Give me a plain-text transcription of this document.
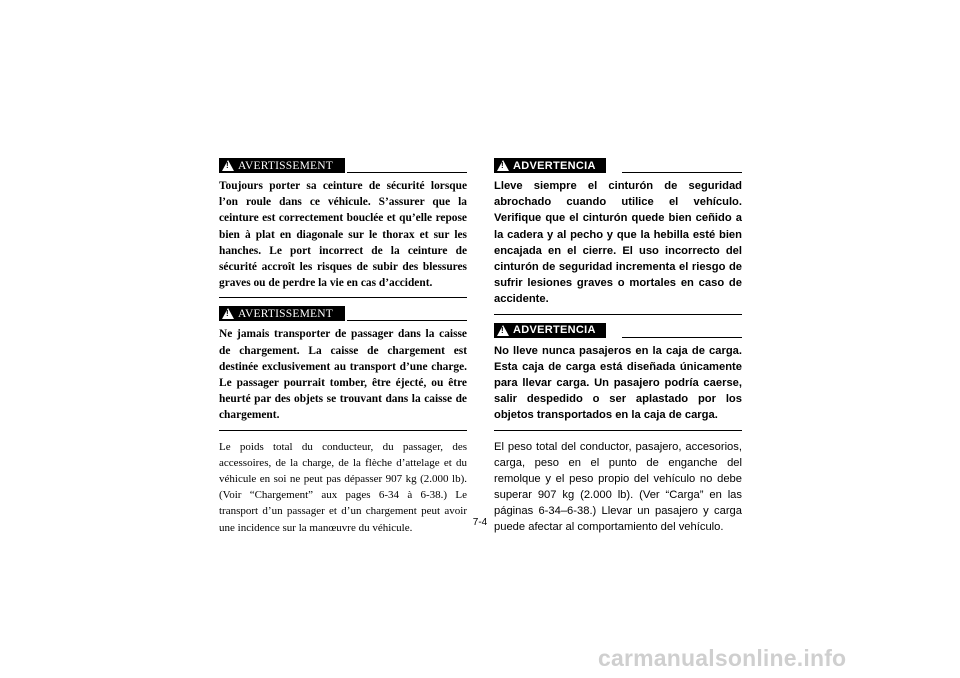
!
AVERTISSEMENT

Toujours porter sa ceinture de sécurité lorsque l’on roule dans ce véhicule. S’assurer que la ceinture est correctement bouclée et qu’elle repose bien à plat en diagonale sur le thorax et sur les hanches. Le port incorrect de la ceinture de sécurité accroît les risques de subir des blessures graves ou de perdre la vie en cas d’accident.

!
AVERTISSEMENT

Ne jamais transporter de passager dans la caisse de chargement. La caisse de chargement est destinée exclusivement au transport d’une charge. Le passager pourrait tomber, être éjecté, ou être heurté par des objets se trouvant dans la caisse de chargement.

Le poids total du conducteur, du passager, des accessoires, de la charge, de la flèche d’attelage et du véhicule en soi ne peut pas dépasser 907 kg (2.000 lb). (Voir “Chargement” aux pages 6-34 à 6-38.) Le transport d’un passager et d’un chargement peut avoir une incidence sur la manœuvre du véhicule.

!
ADVERTENCIA

Lleve siempre el cinturón de seguridad abrochado cuando utilice el vehículo. Verifique que el cinturón quede bien ceñido a la cadera y al pecho y que la hebilla esté bien encajada en el cierre. El uso incorrecto del cinturón de seguridad incrementa el riesgo de sufrir lesiones graves o mortales en caso de accidente.

!
ADVERTENCIA

No lleve nunca pasajeros en la caja de carga. Esta caja de carga está diseñada únicamente para llevar carga. Un pasajero podría caerse, salir despedido o ser aplastado por los objetos transportados en la caja de carga.

El peso total del conductor, pasajero, accesorios, carga, peso en el punto de enganche del remolque y el peso propio del vehículo no debe superar 907 kg (2.000 lb). (Ver “Carga” en las páginas 6-34–6-38.) Llevar un pasajero y carga puede afectar al comportamiento del vehículo.

7-4
carmanualsonline.info
